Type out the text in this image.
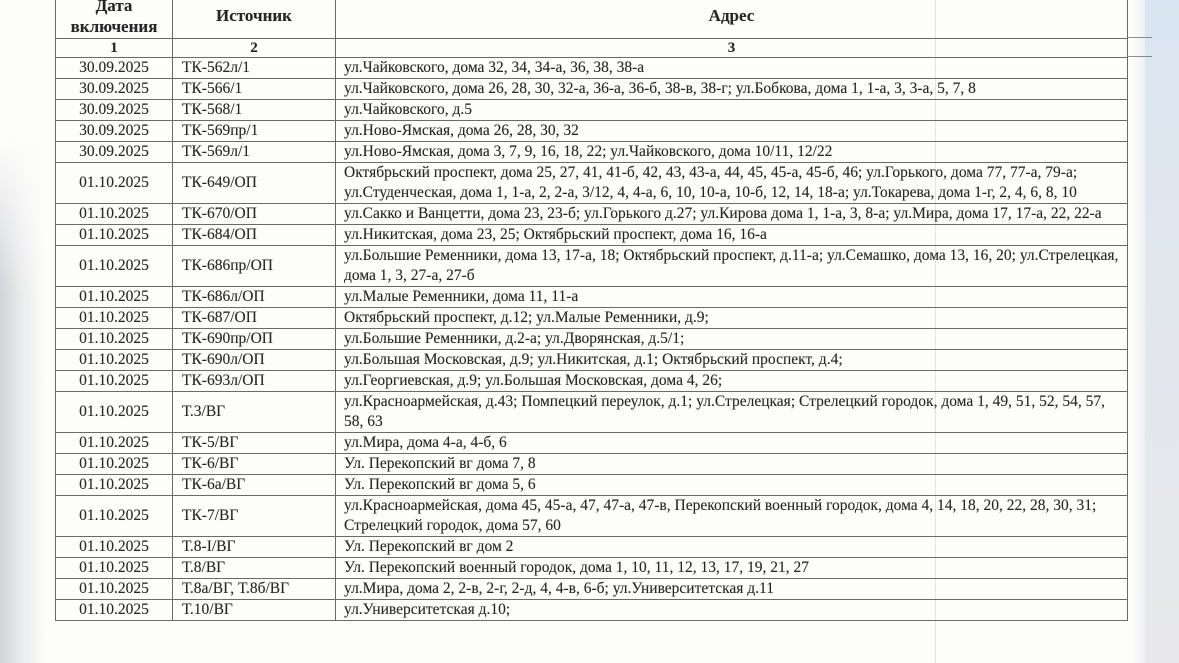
Дата включения	Источник	Адрес
1	2	3
30.09.2025	ТК-562л/1	ул.Чайковского, дома 32, 34, 34-а, 36, 38, 38-а
30.09.2025	ТК-566/1	ул.Чайковского, дома 26, 28, 30, 32-а, 36-а, 36-б, 38-в, 38-г; ул.Бобкова, дома 1, 1-а, 3, 3-а, 5, 7, 8
30.09.2025	ТК-568/1	ул.Чайковского, д.5
30.09.2025	ТК-569пр/1	ул.Ново-Ямская, дома 26, 28, 30, 32
30.09.2025	ТК-569л/1	ул.Ново-Ямская, дома 3, 7, 9, 16, 18, 22; ул.Чайковского, дома 10/11, 12/22
01.10.2025	ТК-649/ОП	Октябрьский проспект, дома 25, 27, 41, 41-б, 42, 43, 43-а, 44, 45, 45-а, 45-б, 46; ул.Горького, дома 77, 77-а, 79-а; ул.Студенческая, дома 1, 1-а, 2, 2-а, 3/12, 4, 4-а, 6, 10, 10-а, 10-б, 12, 14, 18-а; ул.Токарева, дома 1-г, 2, 4, 6, 8, 10
01.10.2025	ТК-670/ОП	ул.Сакко и Ванцетти, дома 23, 23-б; ул.Горького д.27; ул.Кирова дома 1, 1-а, 3, 8-а; ул.Мира, дома 17, 17-а, 22, 22-а
01.10.2025	ТК-684/ОП	ул.Никитская, дома 23, 25; Октябрьский проспект, дома 16, 16-а
01.10.2025	ТК-686пр/ОП	ул.Большие Ременники, дома 13, 17-а, 18; Октябрьский проспект, д.11-а; ул.Семашко, дома 13, 16, 20; ул.Стрелецкая, дома 1, 3, 27-а, 27-б
01.10.2025	ТК-686л/ОП	ул.Малые Ременники, дома 11, 11-а
01.10.2025	ТК-687/ОП	Октябрьский проспект, д.12; ул.Малые Ременники, д.9;
01.10.2025	ТК-690пр/ОП	ул.Большие Ременники, д.2-а; ул.Дворянская, д.5/1;
01.10.2025	ТК-690л/ОП	ул.Большая Московская, д.9; ул.Никитская, д.1; Октябрьский проспект, д.4;
01.10.2025	ТК-693л/ОП	ул.Георгиевская, д.9; ул.Большая Московская, дома 4, 26;
01.10.2025	Т.3/ВГ	ул.Красноармейская, д.43; Помпецкий переулок, д.1; ул.Стрелецкая; Стрелецкий городок, дома 1, 49, 51, 52, 54, 57, 58, 63
01.10.2025	ТК-5/ВГ	ул.Мира, дома 4-а, 4-б, 6
01.10.2025	ТК-6/ВГ	Ул. Перекопский вг дома 7, 8
01.10.2025	ТК-6а/ВГ	Ул. Перекопский вг дома 5, 6
01.10.2025	ТК-7/ВГ	ул.Красноармейская, дома 45, 45-а, 47, 47-а, 47-в, Перекопский военный городок, дома 4, 14, 18, 20, 22, 28, 30, 31; Стрелецкий городок, дома 57, 60
01.10.2025	Т.8-I/ВГ	Ул. Перекопский вг дом 2
01.10.2025	Т.8/ВГ	Ул. Перекопский военный городок, дома 1, 10, 11, 12, 13, 17, 19, 21, 27
01.10.2025	Т.8а/ВГ, Т.8б/ВГ	ул.Мира, дома 2, 2-в, 2-г, 2-д, 4, 4-в, 6-б; ул.Университетская д.11
01.10.2025	Т.10/ВГ	ул.Университетская д.10;
